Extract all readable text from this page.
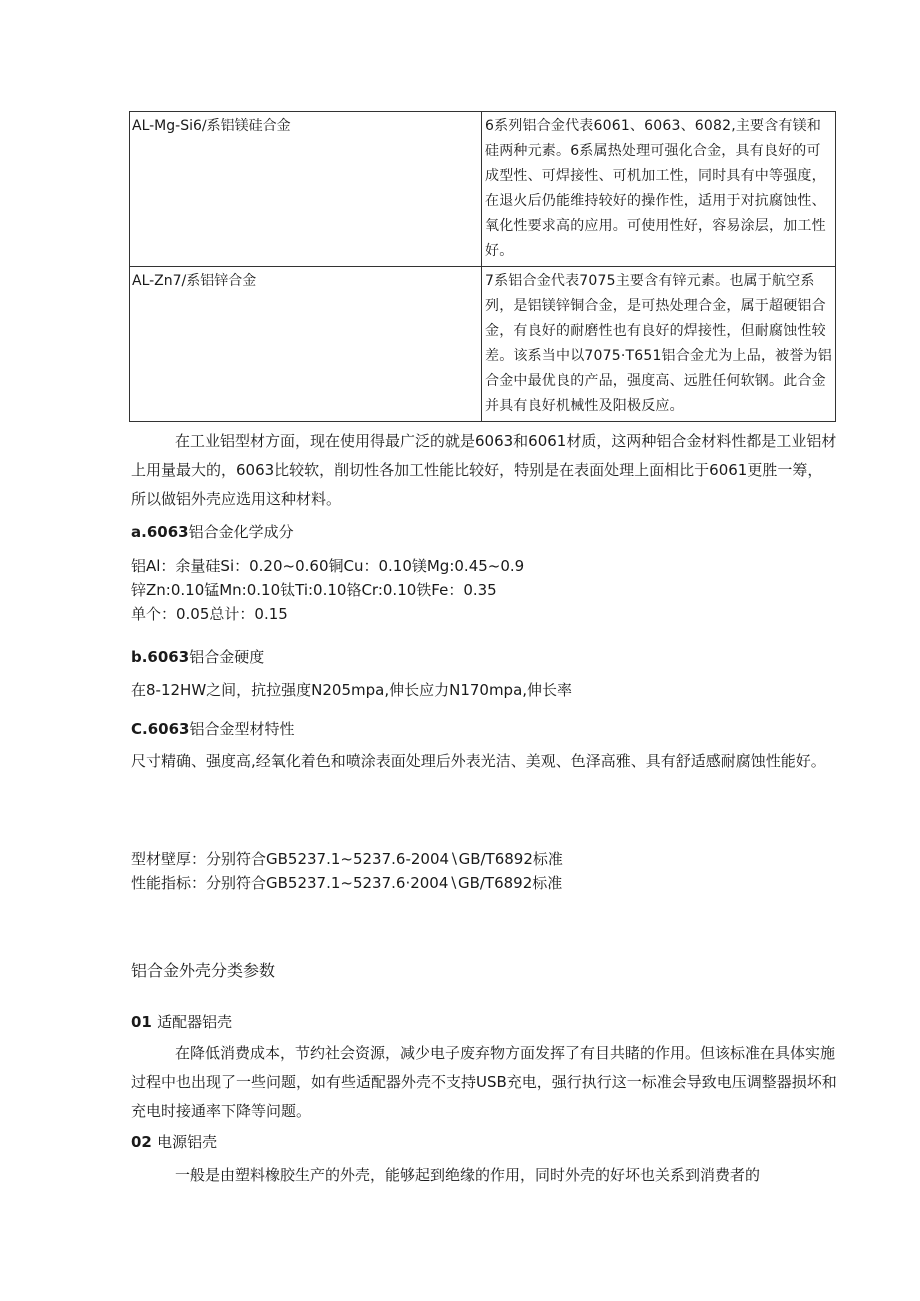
AL-Mg-Si6∕系铝镁硅合金	6系列铝合金代表6061、6063、6082,主要含有镁和硅两种元素。6系属热处理可强化合金，具有良好的可成型性、可焊接性、可机加工性，同时具有中等强度，在退火后仍能维持较好的操作性，适用于对抗腐蚀性、氧化性要求高的应用。可使用性好，容易涂层，加工性好。
AL-Zn7/系铝锌合金	7系铝合金代表7075主要含有锌元素。也属于航空系列，是铝镁锌铜合金，是可热处理合金，属于超硬铝合金，有良好的耐磨性也有良好的焊接性，但耐腐蚀性较差。该系当中以7075·T651铝合金尤为上品，被誉为铝合金中最优良的产品，强度高、远胜任何软钢。此合金并具有良好机械性及阳极反应。
在工业铝型材方面，现在使用得最广泛的就是6063和6061材质，这两种铝合金材料性都是工业铝材上用量最大的，6063比较软，削切性各加工性能比较好，特别是在表面处理上面相比于6061更胜一筹，所以做铝外壳应选用这种材料。
a.6063铝合金化学成分
铝Al：余量硅Si：0.20~0.60铜Cu：0.10镁Mg:0.45~0.9
锌Zn:0.10锰Mn:0.10钛Ti:0.10铬Cr:0.10铁Fe：0.35
单个：0.05总计：0.15
b.6063铝合金硬度
在8-12HW之间，抗拉强度N205mpa,伸长应力N170mpa,伸长率
C.6063铝合金型材特性
尺寸精确、强度高,经氧化着色和喷涂表面处理后外表光洁、美观、色泽高雅、具有舒适感耐腐蚀性能好。
型材壁厚：分别符合GB5237.1~5237.6-2004∖GB/T6892标准
性能指标：分别符合GB5237.1~5237.6·2004∖GB/T6892标准
铝合金外壳分类参数
01 适配器铝壳
在降低消费成本，节约社会资源，减少电子废弃物方面发挥了有目共睹的作用。但该标准在具体实施过程中也出现了一些问题，如有些适配器外壳不支持USB充电，强行执行这一标准会导致电压调整器损坏和充电时接通率下降等问题。
02 电源铝壳
一般是由塑料橡胶生产的外壳，能够起到绝缘的作用，同时外壳的好坏也关系到消费者的
